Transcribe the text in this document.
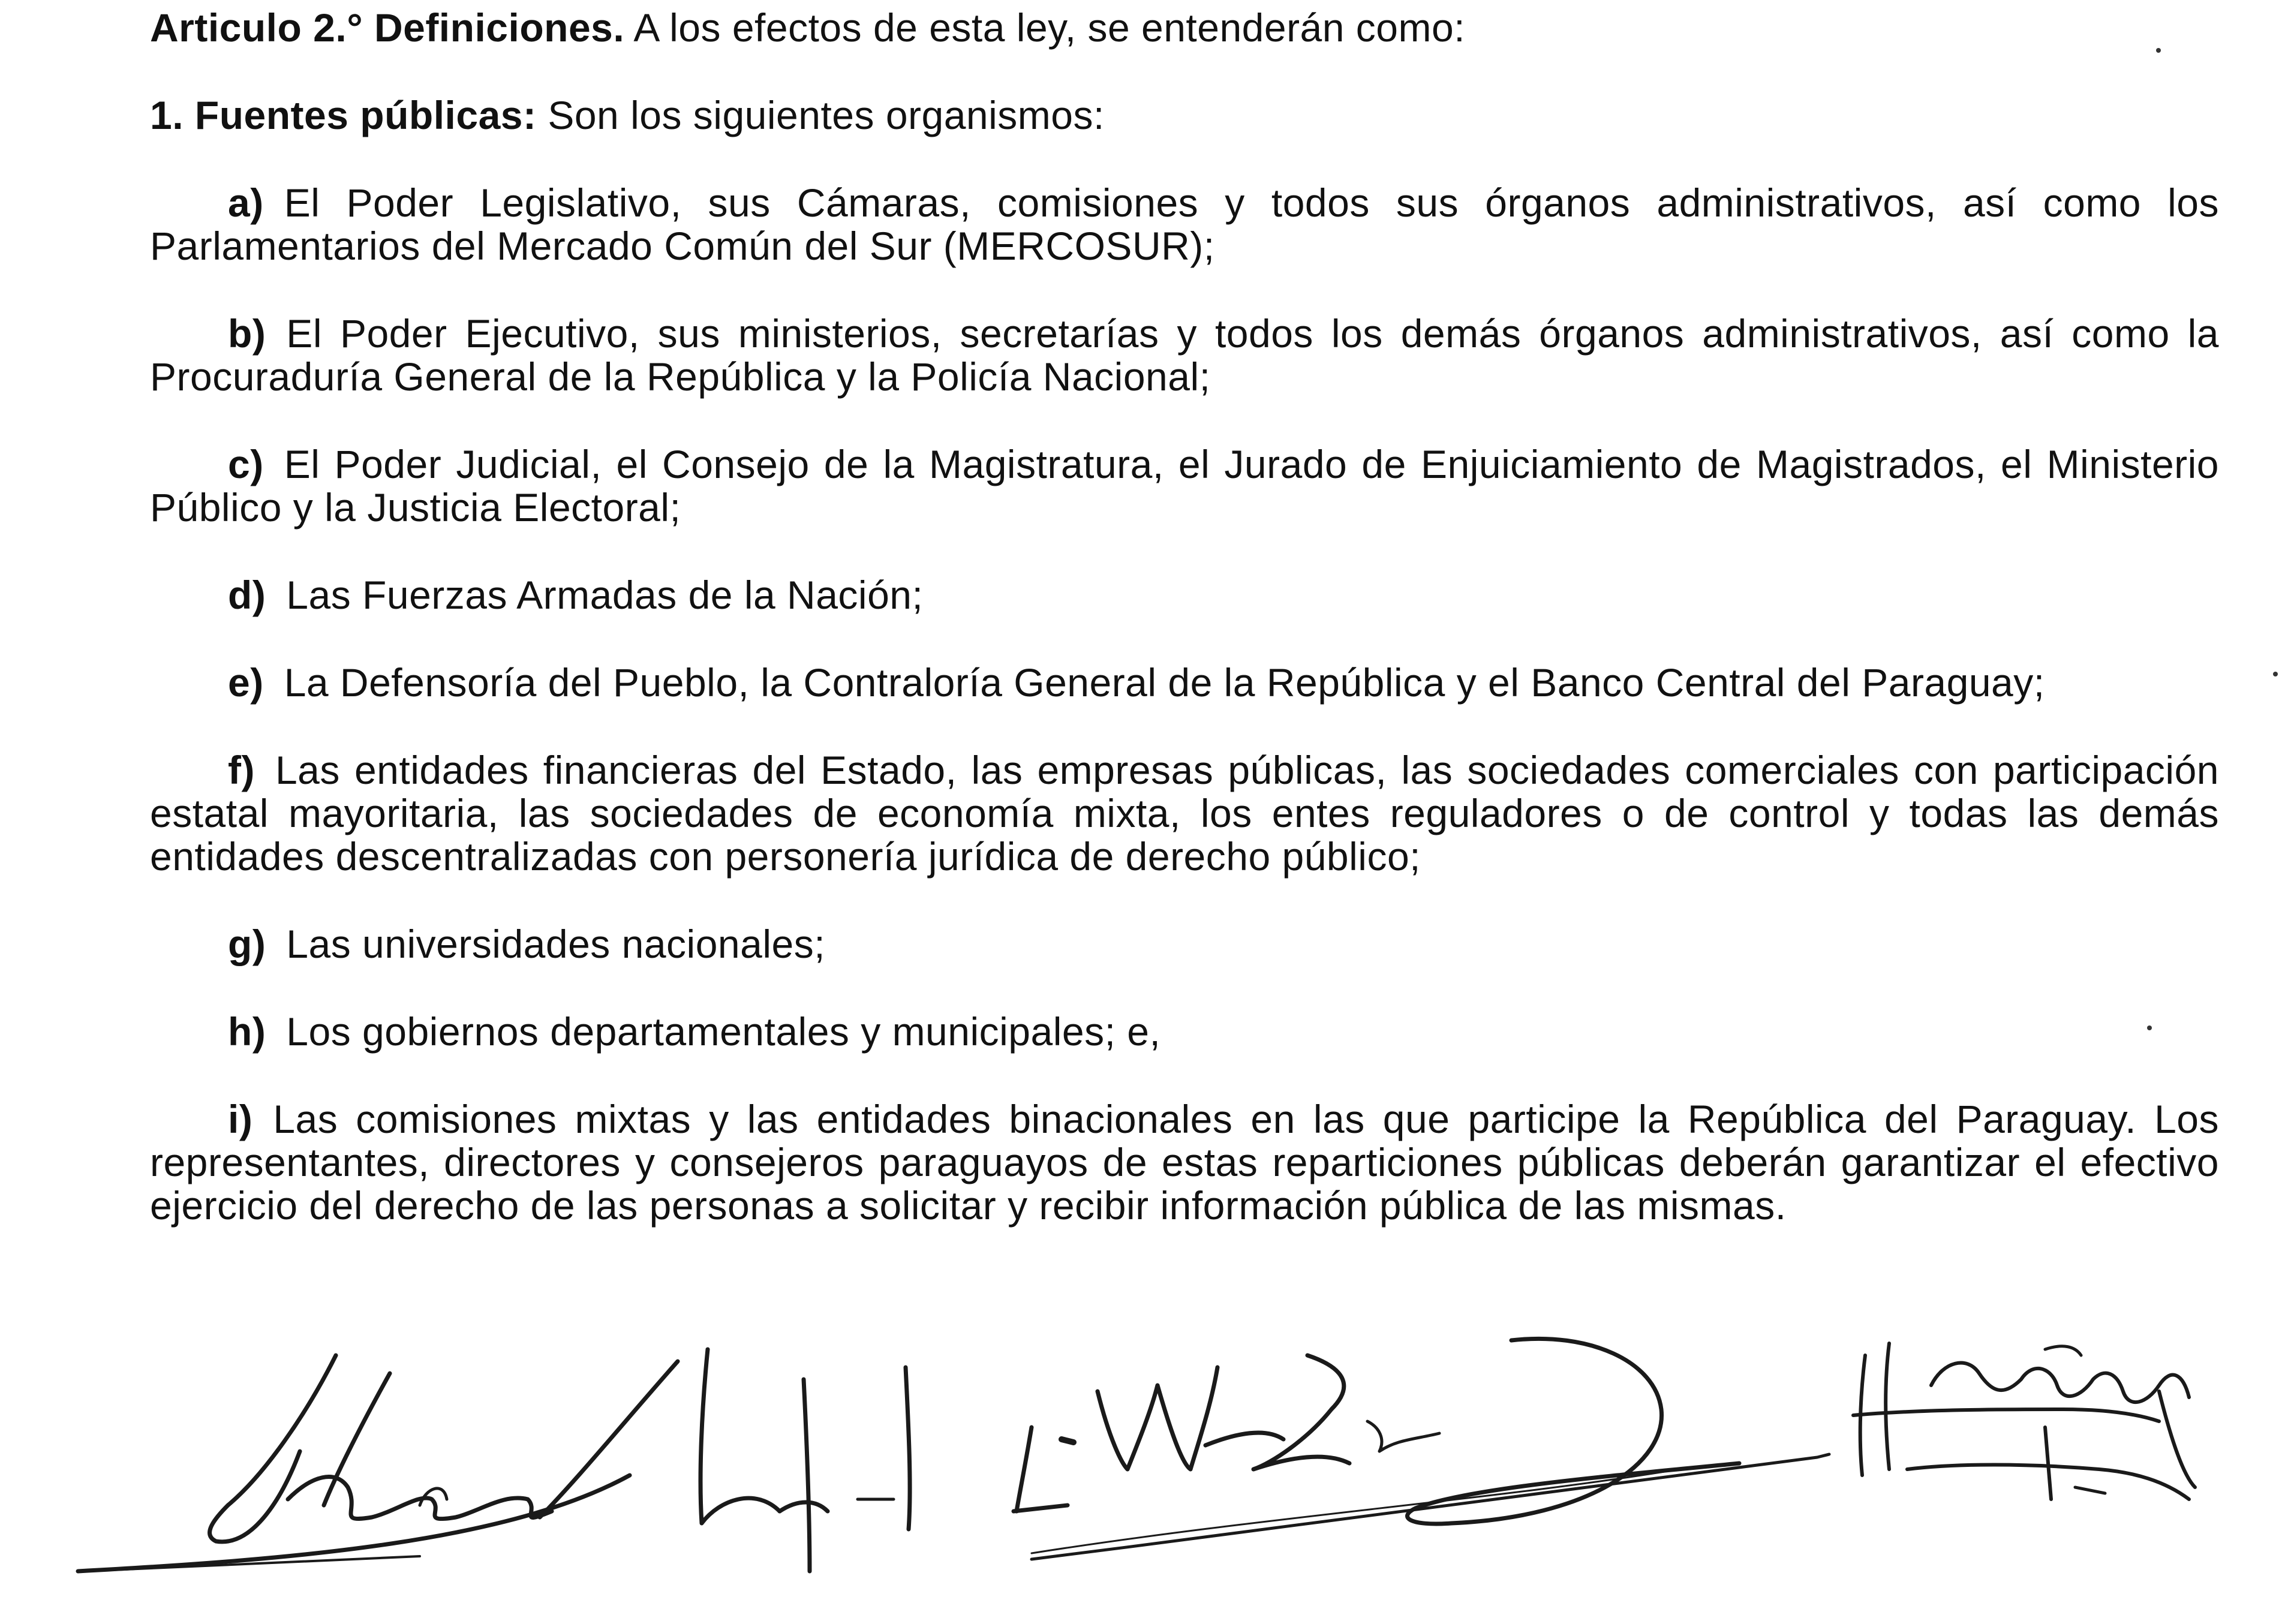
Articulo 2.° Definiciones. A los efectos de esta ley, se entenderán como:

1. Fuentes públicas: Son los siguientes organismos:

a) El Poder Legislativo, sus Cámaras, comisiones y todos sus órganos administrativos, así como los Parlamentarios del Mercado Común del Sur (MERCOSUR);

b) El Poder Ejecutivo, sus ministerios, secretarías y todos los demás órganos administrativos, así como la Procuraduría General de la República y la Policía Nacional;

c) El Poder Judicial, el Consejo de la Magistratura, el Jurado de Enjuiciamiento de Magistrados, el Ministerio Público y la Justicia Electoral;

d) Las Fuerzas Armadas de la Nación;

e) La Defensoría del Pueblo, la Contraloría General de la República y el Banco Central del Paraguay;

f) Las entidades financieras del Estado, las empresas públicas, las sociedades comerciales con participación estatal mayoritaria, las sociedades de economía mixta, los entes reguladores o de control y todas las demás entidades descentralizadas con personería jurídica de derecho público;

g) Las universidades nacionales;

h) Los gobiernos departamentales y municipales; e,

i) Las comisiones mixtas y las entidades binacionales en las que participe la República del Paraguay. Los representantes, directores y consejeros paraguayos de estas reparticiones públicas deberán garantizar el efectivo ejercicio del derecho de las personas a solicitar y recibir información pública de las mismas.
